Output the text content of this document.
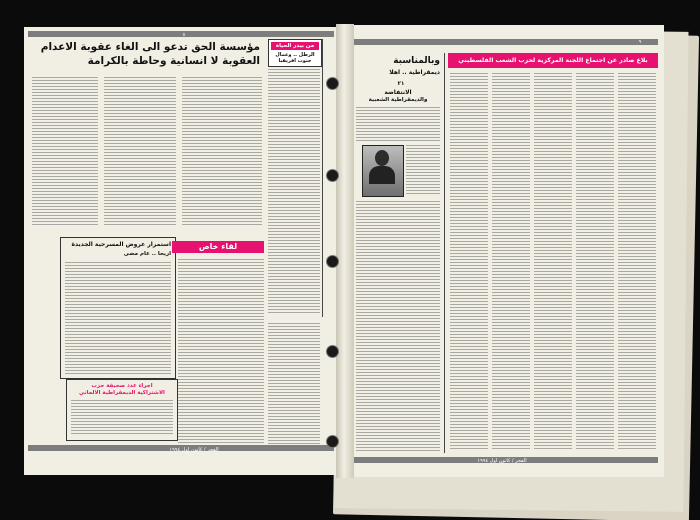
٨
مؤسسة الحق تدعو الى الغاء عقوبة الاعدام
العقوبة لا انسانية وحاطة بالكرامة
من بيدر الحياة
الرطل .. وعمال
جنوب افريقيا
استمرار عروض المسرحية الجديدة
اريحا .. عام مضى
لقاء خاص
اجراء عدد صحيفة حزب
الاشتراكية الديمقراطية الالماني
الفجر / كانون اول ١٩٩٤
٩
بلاغ صادر عن اجتماع اللجنة المركزية لحزب الشعب الفلسطيني
وبالمناسبة
ديمقراطية .. اهلا
٢١
الانتفاضة
والديمقراطية الشعبية
الفجر / كانون اول ١٩٩٤
